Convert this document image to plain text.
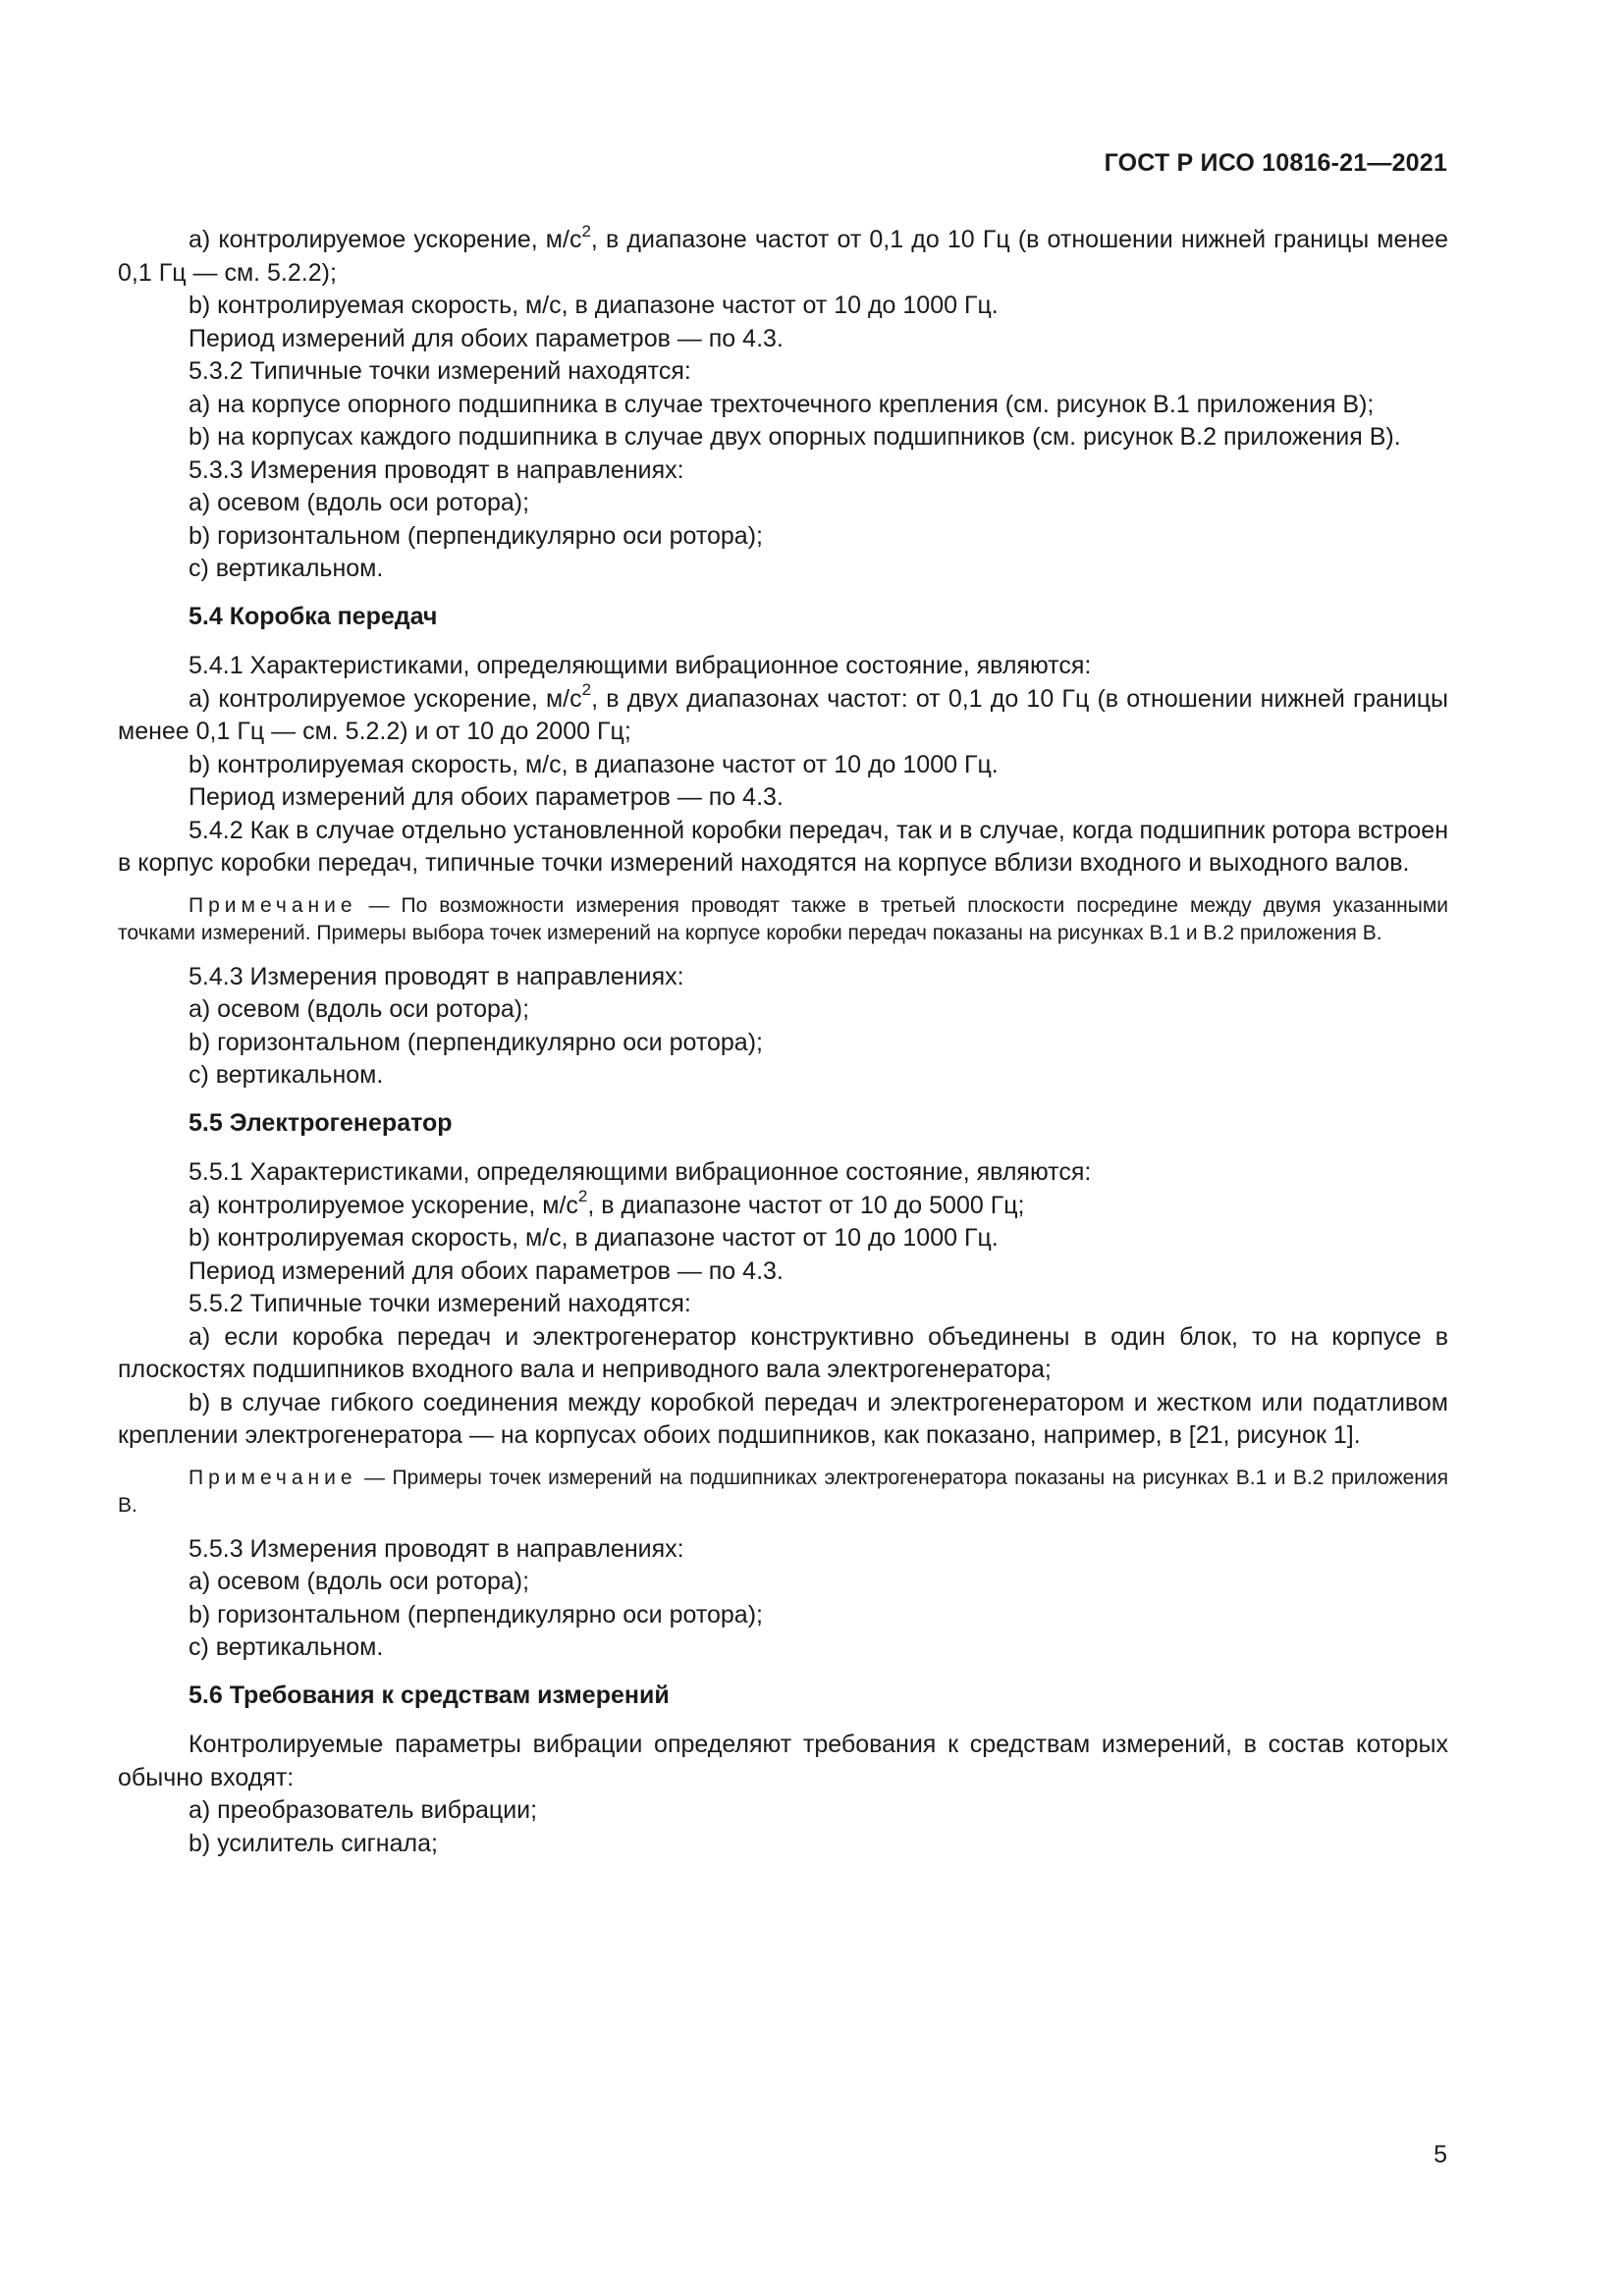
ГОСТ Р ИСО 10816-21—2021

a) контролируемое ускорение, $м/с^2$, в диапазоне частот от 0,1 до 10 Гц (в отношении нижней границы менее 0,1 Гц — см. 5.2.2);

b) контролируемая скорость, м/с, в диапазоне частот от 10 до 1000 Гц.

Период измерений для обоих параметров — по 4.3.

5.3.2 Типичные точки измерений находятся:

a) на корпусе опорного подшипника в случае трехточечного крепления (см. рисунок В.1 приложения В);

b) на корпусах каждого подшипника в случае двух опорных подшипников (см. рисунок В.2 приложения В).

5.3.3 Измерения проводят в направлениях:

a) осевом (вдоль оси ротора);

b) горизонтальном (перпендикулярно оси ротора);

c) вертикальном.

5.4 Коробка передач

5.4.1 Характеристиками, определяющими вибрационное состояние, являются:

a) контролируемое ускорение, $м/с^2$, в двух диапазонах частот: от 0,1 до 10 Гц (в отношении нижней границы менее 0,1 Гц — см. 5.2.2) и от 10 до 2000 Гц;

b) контролируемая скорость, м/с, в диапазоне частот от 10 до 1000 Гц.

Период измерений для обоих параметров — по 4.3.

5.4.2 Как в случае отдельно установленной коробки передач, так и в случае, когда подшипник ротора встроен в корпус коробки передач, типичные точки измерений находятся на корпусе вблизи входного и выходного валов.

Примечание — По возможности измерения проводят также в третьей плоскости посредине между двумя указанными точками измерений. Примеры выбора точек измерений на корпусе коробки передач показаны на рисунках В.1 и В.2 приложения В.

5.4.3 Измерения проводят в направлениях:

a) осевом (вдоль оси ротора);

b) горизонтальном (перпендикулярно оси ротора);

c) вертикальном.

5.5 Электрогенератор

5.5.1 Характеристиками, определяющими вибрационное состояние, являются:

a) контролируемое ускорение, $м/с^2$, в диапазоне частот от 10 до 5000 Гц;

b) контролируемая скорость, м/с, в диапазоне частот от 10 до 1000 Гц.

Период измерений для обоих параметров — по 4.3.

5.5.2 Типичные точки измерений находятся:

a) если коробка передач и электрогенератор конструктивно объединены в один блок, то на корпусе в плоскостях подшипников входного вала и неприводного вала электрогенератора;

b) в случае гибкого соединения между коробкой передач и электрогенератором и жестком или податливом креплении электрогенератора — на корпусах обоих подшипников, как показано, например, в [21, рисунок 1].

Примечание — Примеры точек измерений на подшипниках электрогенератора показаны на рисунках В.1 и В.2 приложения В.

5.5.3 Измерения проводят в направлениях:

a) осевом (вдоль оси ротора);

b) горизонтальном (перпендикулярно оси ротора);

c) вертикальном.

5.6 Требования к средствам измерений

Контролируемые параметры вибрации определяют требования к средствам измерений, в состав которых обычно входят:

a) преобразователь вибрации;

b) усилитель сигнала;

5
